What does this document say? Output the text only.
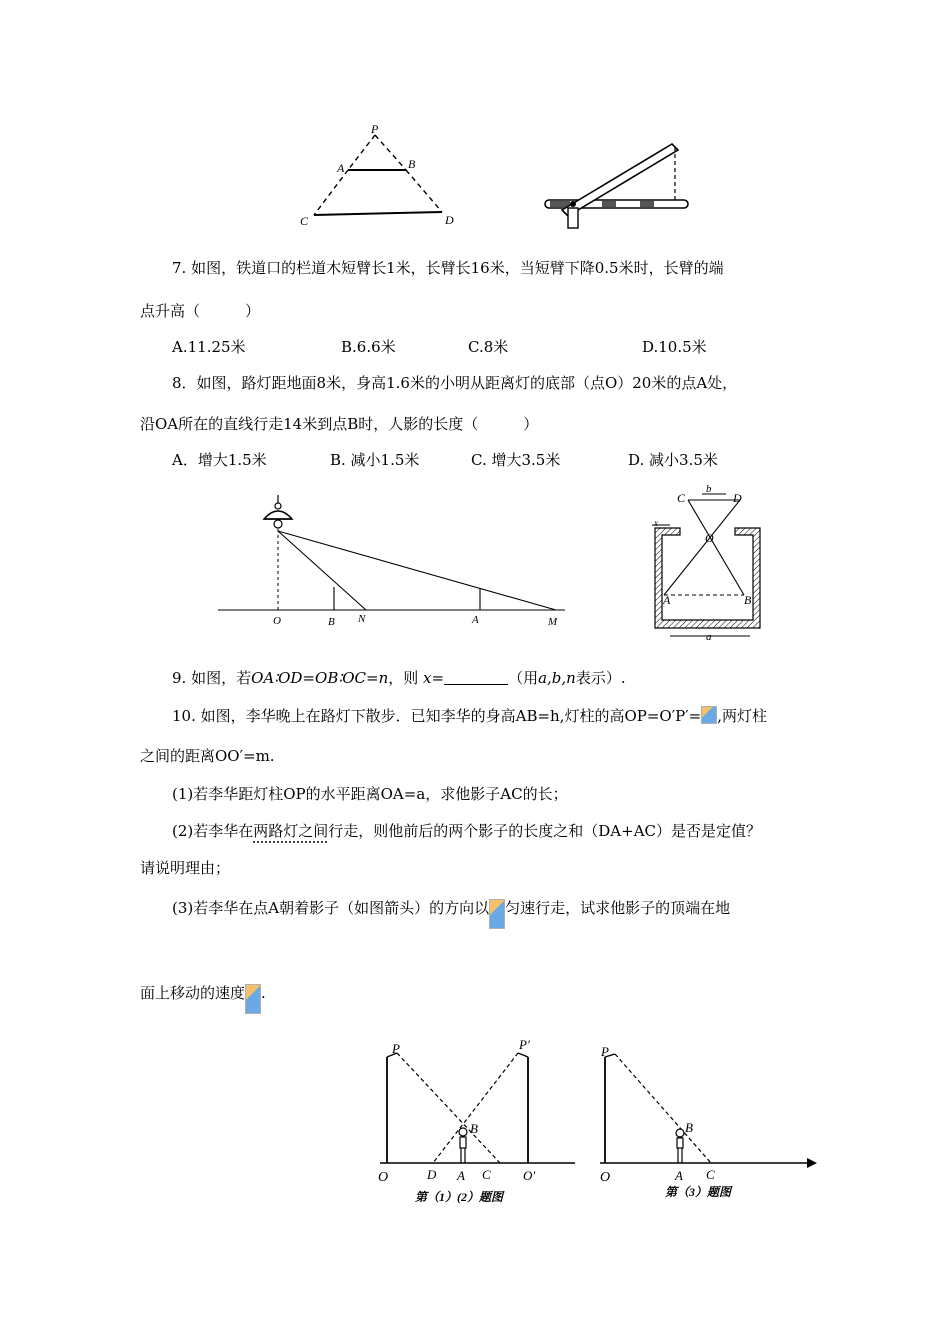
P
A	B
C	D
7. 如图，铁道口的栏道木短臂长1米，长臂长16米，当短臂下降0.5米时，长臂的端
点升高（　　　）
A.11.25米	B.6.6米	C.8米	D.10.5米
8．如图，路灯距地面8米，身高1.6米的小明从距离灯的底部（点O）20米的点A处，
沿OA所在的直线行走14米到点B时，人影的长度（　　　）
A．增大1.5米	B. 减小1.5米	C. 增大3.5米	D. 减小3.5米
O	B N	A	M
C
b
D
x
O
A	B
a
9. 如图，若OA∶OD=OB∶OC=n，则 x=	（用a,b,n表示）.
10. 如图，李华晚上在路灯下散步．已知李华的身高AB=h,灯柱的高OP=O′P′= ,两灯柱
之间的距离OO′=m.
(1)若李华距灯柱OP的水平距离OA=a，求他影子AC的长；
(2)若李华在两路灯之间行走，则他前后的两个影子的长度之和（DA+AC）是否是定值？
请说明理由；
(3)若李华在点A朝着影子（如图箭头）的方向以 匀速行走，试求他影子的顶端在地
面上移动的速度 .
P	P′
B
O	D A C O′
第（1）(2）题图
P
B
O	A C
第（3）题图
